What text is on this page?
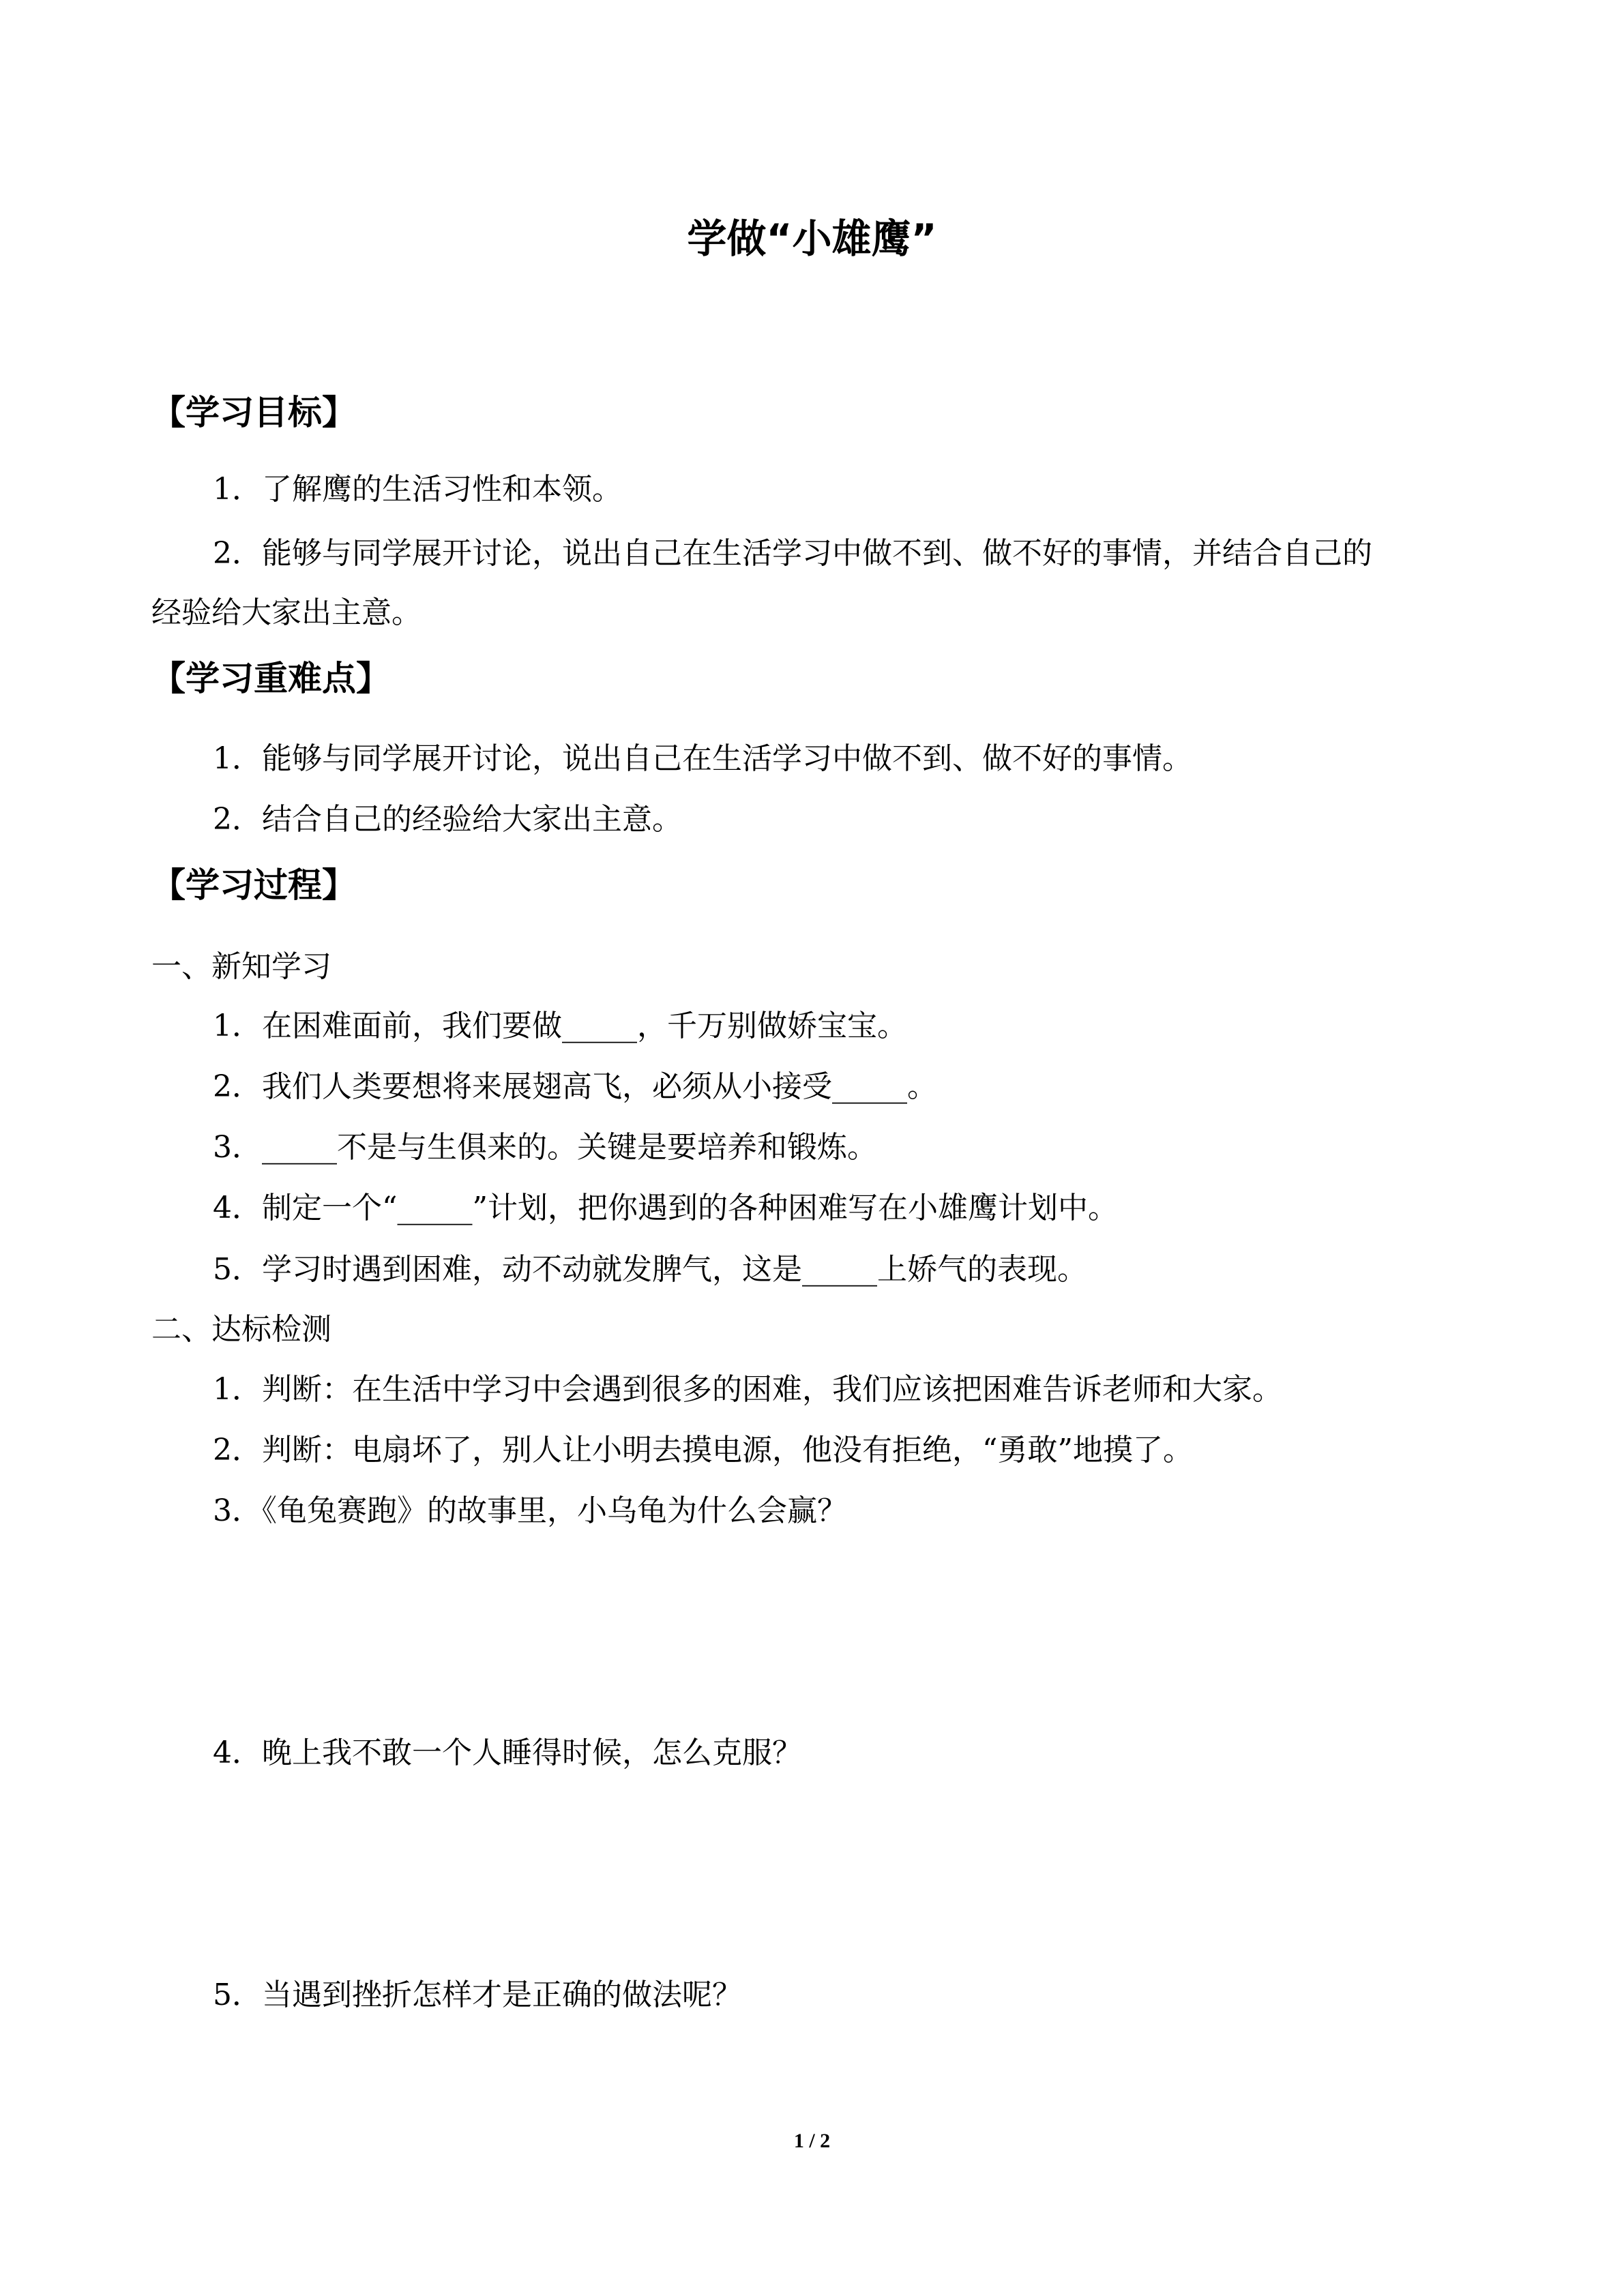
学做“小雄鹰”
【学习目标】
1．了解鹰的生活习性和本领。
2．能够与同学展开讨论，说出自己在生活学习中做不到、做不好的事情，并结合自己的
经验给大家出主意。
【学习重难点】
1．能够与同学展开讨论，说出自己在生活学习中做不到、做不好的事情。
2．结合自己的经验给大家出主意。
【学习过程】
一、新知学习
1．在困难面前，我们要做_____，千万别做娇宝宝。
2．我们人类要想将来展翅高飞，必须从小接受_____。
3．_____不是与生俱来的。关键是要培养和锻炼。
4．制定一个“_____”计划，把你遇到的各种困难写在小雄鹰计划中。
5．学习时遇到困难，动不动就发脾气，这是_____上娇气的表现。
二、达标检测
1．判断：在生活中学习中会遇到很多的困难，我们应该把困难告诉老师和大家。
2．判断：电扇坏了，别人让小明去摸电源，他没有拒绝，“勇敢”地摸了。
3．《龟兔赛跑》的故事里，小乌龟为什么会赢？
4．晚上我不敢一个人睡得时候，怎么克服？
5．当遇到挫折怎样才是正确的做法呢？
1 / 2
